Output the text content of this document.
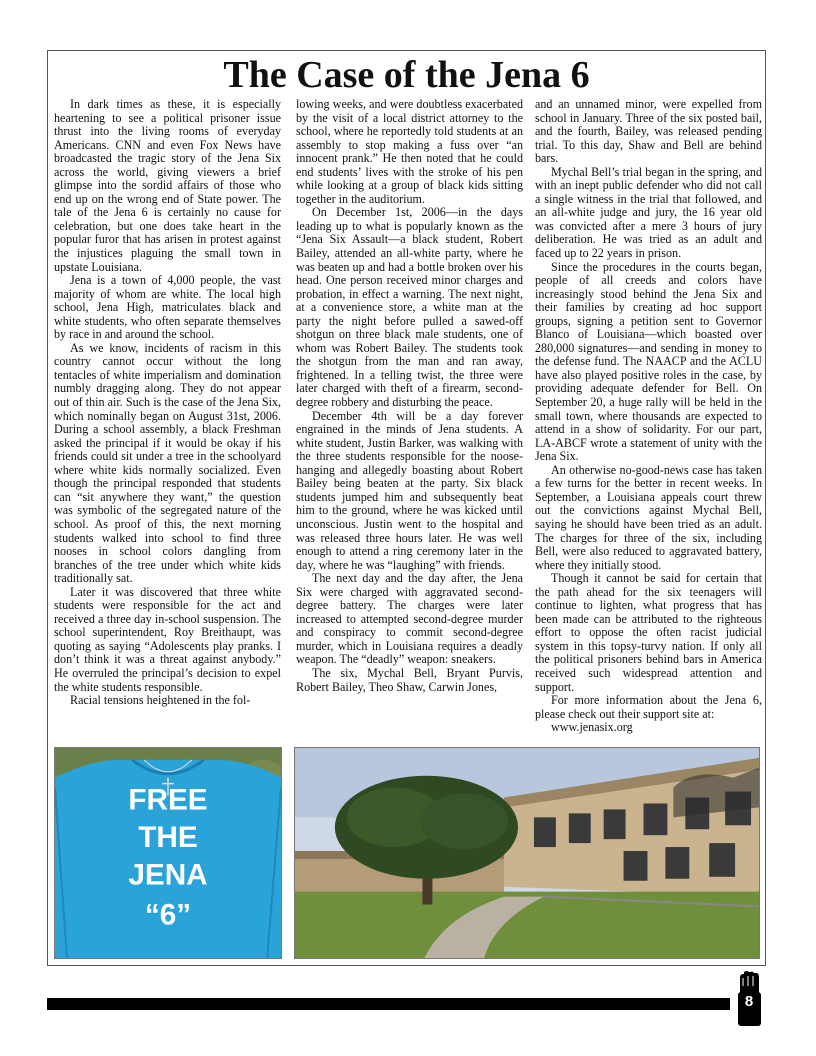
The Case of the Jena 6

In dark times as these, it is especially heartening to see a political prisoner issue thrust into the living rooms of everyday Americans. CNN and even Fox News have broadcasted the tragic story of the Jena Six across the world, giving viewers a brief glimpse into the sordid affairs of those who end up on the wrong end of State power. The tale of the Jena 6 is certainly no cause for celebration, but one does take heart in the popular furor that has arisen in protest against the injustices plaguing the small town in upstate Louisiana.

Jena is a town of 4,000 people, the vast majority of whom are white. The local high school, Jena High, matriculates black and white students, who often separate themselves by race in and around the school.

As we know, incidents of racism in this country cannot occur without the long tentacles of white imperialism and domination numbly dragging along. They do not appear out of thin air. Such is the case of the Jena Six, which nominally began on August 31st, 2006. During a school assembly, a black Freshman asked the principal if it would be okay if his friends could sit under a tree in the schoolyard where white kids normally socialized. Even though the principal responded that students can “sit anywhere they want,” the question was symbolic of the segregated nature of the school. As proof of this, the next morning students walked into school to find three nooses in school colors dangling from branches of the tree under which white kids traditionally sat.

Later it was discovered that three white students were responsible for the act and received a three day in-school suspension. The school superintendent, Roy Breithaupt, was quoting as saying “Adolescents play pranks. I don’t think it was a threat against anybody.” He overruled the principal’s decision to expel the white students responsible.

Racial tensions heightened in the fol-

lowing weeks, and were doubtless exacerbated by the visit of a local district attorney to the school, where he reportedly told students at an assembly to stop making a fuss over “an innocent prank.” He then noted that he could end students’ lives with the stroke of his pen while looking at a group of black kids sitting together in the auditorium.

On December 1st, 2006—in the days leading up to what is popularly known as the “Jena Six Assault—a black student, Robert Bailey, attended an all-white party, where he was beaten up and had a bottle broken over his head. One person received minor charges and probation, in effect a warning. The next night, at a convenience store, a white man at the party the night before pulled a sawed-off shotgun on three black male students, one of whom was Robert Bailey. The students took the shotgun from the man and ran away, frightened. In a telling twist, the three were later charged with theft of a firearm, second-degree robbery and disturbing the peace.

December 4th will be a day forever engrained in the minds of Jena students. A white student, Justin Barker, was walking with the three students responsible for the noose-hanging and allegedly boasting about Robert Bailey being beaten at the party. Six black students jumped him and subsequently beat him to the ground, where he was kicked until unconscious. Justin went to the hospital and was released three hours later. He was well enough to attend a ring ceremony later in the day, where he was “laughing” with friends.

The next day and the day after, the Jena Six were charged with aggravated second-degree battery. The charges were later increased to attempted second-degree murder and conspiracy to commit second-degree murder, which in Louisiana requires a deadly weapon. The “deadly” weapon: sneakers.

The six, Mychal Bell, Bryant Purvis, Robert Bailey, Theo Shaw, Carwin Jones,

and an unnamed minor, were expelled from school in January. Three of the six posted bail, and the fourth, Bailey, was released pending trial. To this day, Shaw and Bell are behind bars.

Mychal Bell’s trial began in the spring, and with an inept public defender who did not call a single witness in the trial that followed, and an all-white judge and jury, the 16 year old was convicted after a mere 3 hours of jury deliberation. He was tried as an adult and faced up to 22 years in prison.

Since the procedures in the courts began, people of all creeds and colors have increasingly stood behind the Jena Six and their families by creating ad hoc support groups, signing a petition sent to Governor Blanco of Louisiana—which boasted over 280,000 signatures—and sending in money to the defense fund. The NAACP and the ACLU have also played positive roles in the case, by providing adequate defender for Bell. On September 20, a huge rally will be held in the small town, where thousands are expected to attend in a show of solidarity. For our part, LA-ABCF wrote a statement of unity with the Jena Six.

An otherwise no-good-news case has taken a few turns for the better in recent weeks. In September, a Louisiana appeals court threw out the convictions against Mychal Bell, saying he should have been tried as an adult. The charges for three of the six, including Bell, were also reduced to aggravated battery, where they initially stood.

Though it cannot be said for certain that the path ahead for the six teenagers will continue to lighten, what progress that has been made can be attributed to the righteous effort to oppose the often racist judicial system in this topsy-turvy nation. If only all the political prisoners behind bars in America received such widespread attention and support.

For more information about the Jena 6, please check out their support site at:

www.jenasix.org

FREE
THE
JENA
“6”
8
